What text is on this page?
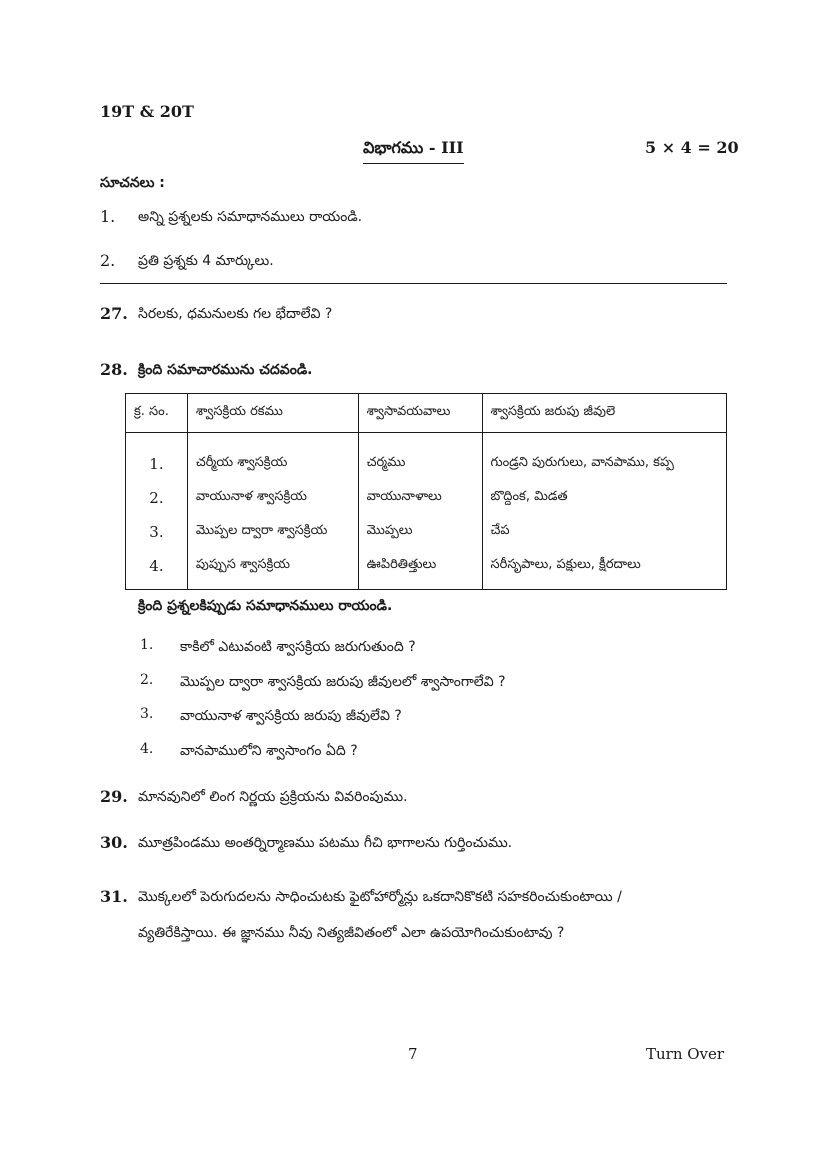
19T & 20T
విభాగము - III	5 × 4 = 20
సూచనలు :
1. అన్ని ప్రశ్నలకు సమాధానములు రాయండి.
2. ప్రతి ప్రశ్నకు 4 మార్కులు.
27. సిరలకు, ధమనులకు గల భేదాలేవి ?
28. క్రింది సమాచారమును చదవండి.
క్ర. సం.	శ్వాసక్రియ రకము	శ్వాసావయవాలు	శ్వాసక్రియ జరుపు జీవులె
1.	చర్మీయ శ్వాసక్రియ	చర్మము	గుండ్రని పురుగులు, వానపాము, కప్ప
2.	వాయునాళ శ్వాసక్రియ	వాయునాళాలు	బొద్దింక, మిడత
3.	మొప్పల ద్వారా శ్వాసక్రియ	మొప్పలు	చేప
4.	పుప్పుస శ్వాసక్రియ	ఊపిరితిత్తులు	సరీసృపాలు, పక్షులు, క్షీరదాలు
క్రింది ప్రశ్నలకిప్పుడు సమాధానములు రాయండి.
1. కాకిలో ఎటువంటి శ్వాసక్రియ జరుగుతుంది ?
2. మొప్పల ద్వారా శ్వాసక్రియ జరుపు జీవులలో శ్వాసాంగాలేవి ?
3. వాయునాళ శ్వాసక్రియ జరుపు జీవులేవి ?
4. వానపాములోని శ్వాసాంగం ఏది ?
29. మానవునిలో లింగ నిర్ణయ ప్రక్రియను వివరింపుము.
30. మూత్రపిండము అంతర్నిర్మాణము పటము గీచి భాగాలను గుర్తించుము.
31. మొక్కలలో పెరుగుదలను సాధించుటకు ఫైటోహార్మోన్లు ఒకదానికొకటి సహకరించుకుంటాయి /
వ్యతిరేకిస్తాయి. ఈ జ్ఞానము నీవు నిత్యజీవితంలో ఎలా ఉపయోగించుకుంటావు ?
7	Turn Over
